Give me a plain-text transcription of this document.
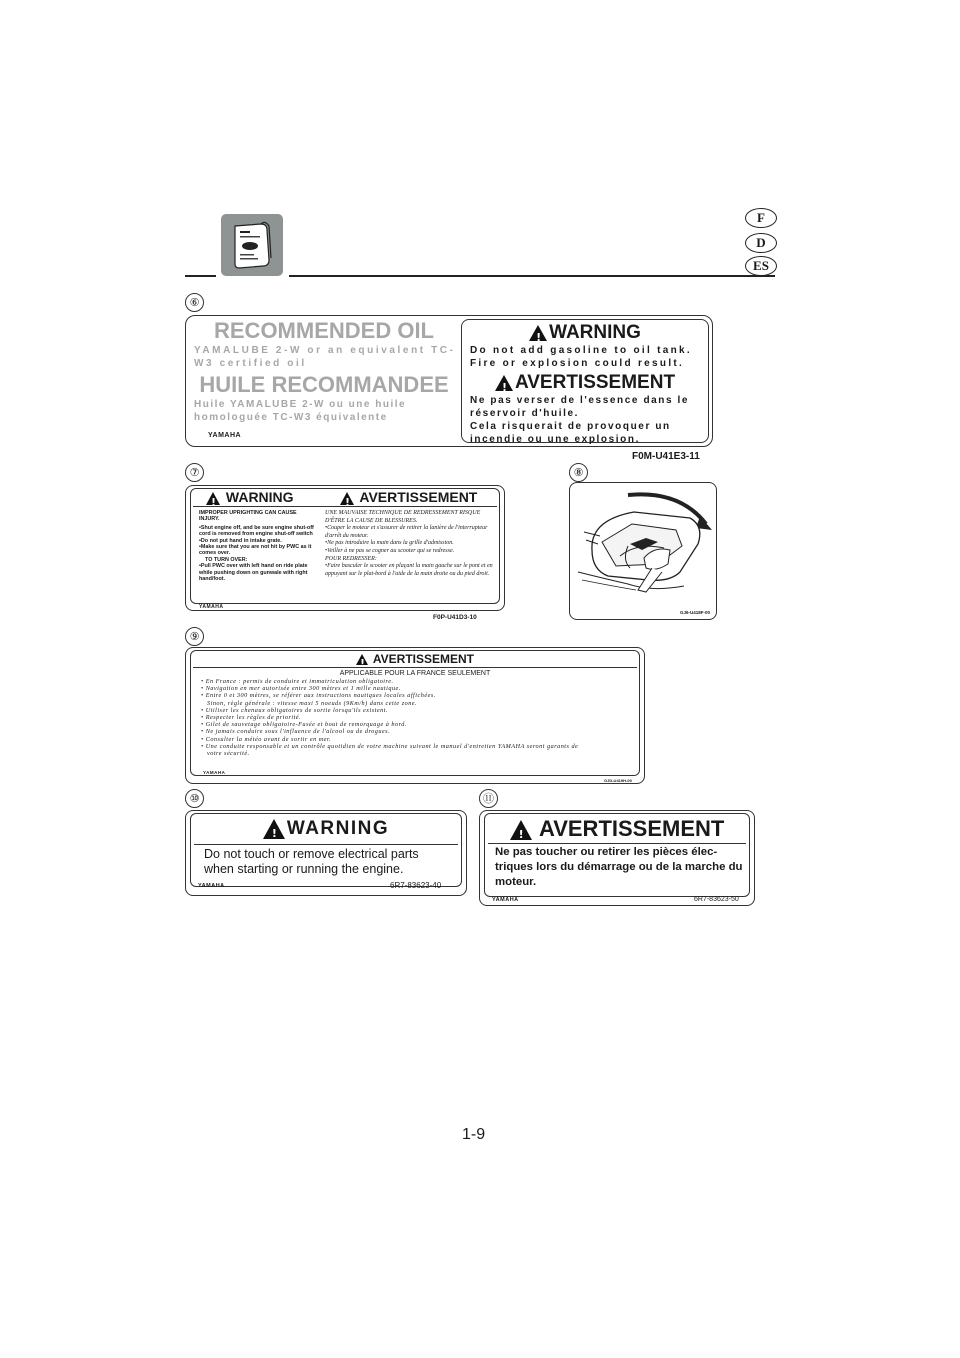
F
D
ES
⑥
RECOMMENDED OIL
YAMALUBE 2-W or an equivalent TC-W3 certified oil
HUILE RECOMMANDEE
Huile YAMALUBE 2-W ou une huile homologuée TC-W3 équivalente
YAMAHA
!WARNING
Do not add gasoline to oil tank.
Fire or explosion could result.
!AVERTISSEMENT
Ne pas verser de l'essence dans le
réservoir d'huile.
Cela risquerait de provoquer un
incendie ou une explosion.
F0M-U41E3-11
⑦
! WARNING
!	AVERTISSEMENT
IMPROPER UPRIGHTING CAN CAUSE INJURY.
•Shut engine off, and be sure engine shut-off cord is removed from engine shut-off switch
•Do not put hand in intake grate.
•Make sure that you are not hit by PWC as it comes over.
TO TURN OVER:
•Pull PWC over with left hand on ride plate while pushing down on gunwale with right hand/foot.
UNE MAUVAISE TECHNIQUE DE REDRESSEMENT RISQUE D'ÊTRE LA CAUSE DE BLESSURES.
•Couper le moteur et s'assurer de retirer la lanière de l'interrupteur d'arrêt du moteur.
•Ne pas introduire la main dans la grille d'admission.
•Veiller à ne pas se cogner au scooter qui se redresse.
POUR REDRESSER:
•Faire basculer le scooter en plaçant la main gauche sur le pont et en appuyant sur le plat-bord à l'aide de la main droite ou du pied droit.
YAMAHA
F0P-U41D3-10
⑧
GJ6-U418F-00
⑨
! AVERTISSEMENT
APPLICABLE POUR LA FRANCE SEULEMENT
• En France : permis de conduire et immatriculation obligatoire.
• Navigation en mer autorisée entre 300 mètres et 1 mille nautique.
• Entre 0 et 300 mètres, se référer aux instructions nautiques locales affichées.
Sinon, règle générale : vitesse maxi 5 noeuds (9Km/h) dans cette zone.
• Utiliser les chenaux obligatoires de sortie lorsqu'ils existent.
• Respecter les règles de priorité.
• Gilet de sauvetage obligatoire-Fusée et bout de remorquage à bord.
• Ne jamais conduire sous l'influence de l'alcool ou de drogues.
• Consulter la météo avant de sortir en mer.
• Une conduite responsable et un contrôle quotidien de votre machine suivant le manuel d'entretien YAMAHA seront garants de
votre sécurité.
YAMAHA
GJD-U419H-00
⑩
!WARNING
Do not touch or remove electrical parts
when starting or running the engine.
YAMAHA	6R7-83623-40
⑪
! AVERTISSEMENT
Ne pas toucher ou retirer les pièces élec-
triques lors du démarrage ou de la marche du
moteur.
YAMAHA	6R7-83623-50
1-9
